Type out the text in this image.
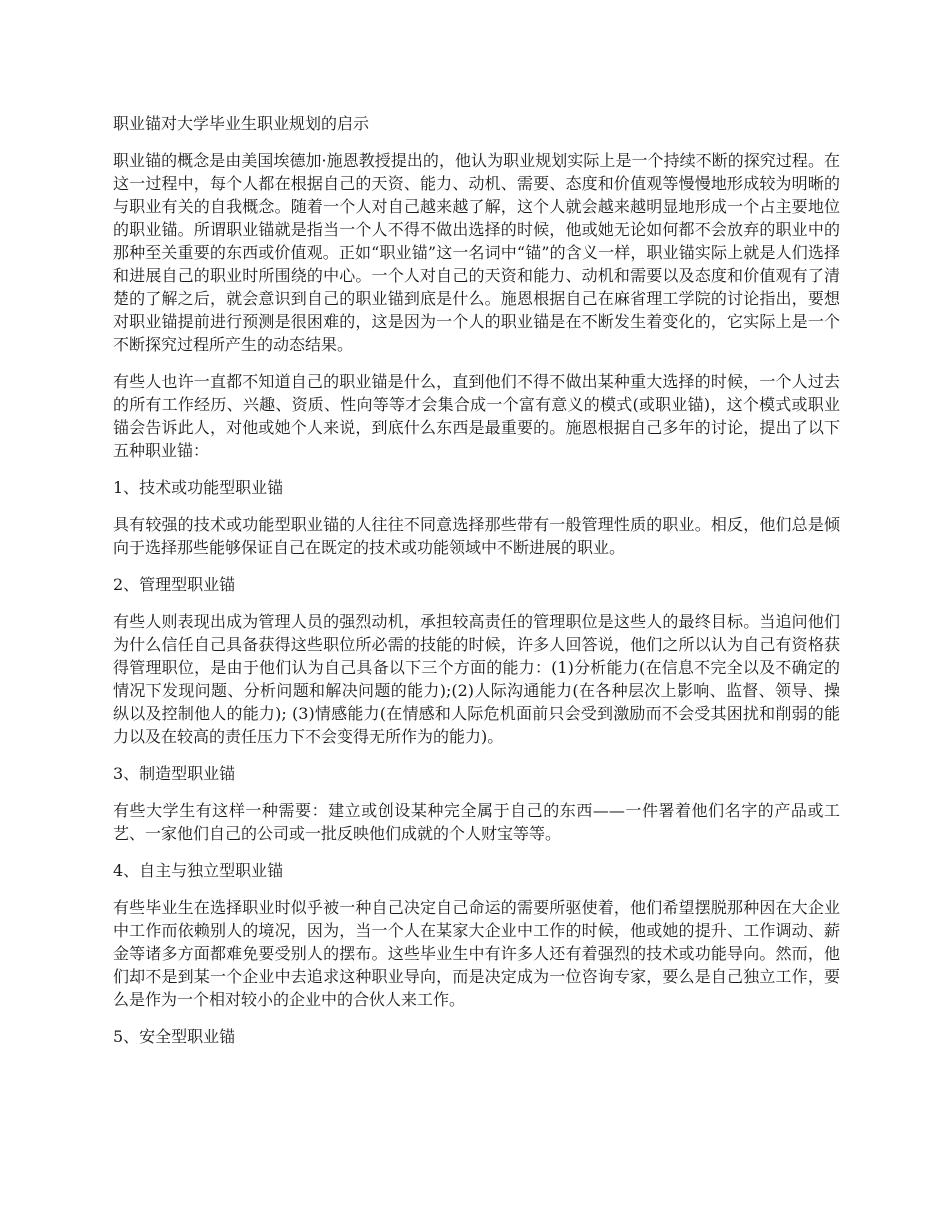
职业锚对大学毕业生职业规划的启示

职业锚的概念是由美国埃德加·施恩教授提出的，他认为职业规划实际上是一个持续不断的探究过程。在这一过程中，每个人都在根据自己的天资、能力、动机、需要、态度和价值观等慢慢地形成较为明晰的与职业有关的自我概念。随着一个人对自己越来越了解，这个人就会越来越明显地形成一个占主要地位的职业锚。所谓职业锚就是指当一个人不得不做出选择的时候，他或她无论如何都不会放弃的职业中的那种至关重要的东西或价值观。正如“职业锚”这一名词中“锚”的含义一样，职业锚实际上就是人们选择和进展自己的职业时所围绕的中心。一个人对自己的天资和能力、动机和需要以及态度和价值观有了清楚的了解之后，就会意识到自己的职业锚到底是什么。施恩根据自己在麻省理工学院的讨论指出，要想对职业锚提前进行预测是很困难的，这是因为一个人的职业锚是在不断发生着变化的，它实际上是一个不断探究过程所产生的动态结果。

有些人也许一直都不知道自己的职业锚是什么，直到他们不得不做出某种重大选择的时候，一个人过去的所有工作经历、兴趣、资质、性向等等才会集合成一个富有意义的模式(或职业锚)，这个模式或职业锚会告诉此人，对他或她个人来说，到底什么东西是最重要的。施恩根据自己多年的讨论，提出了以下五种职业锚：

1、技术或功能型职业锚

具有较强的技术或功能型职业锚的人往往不同意选择那些带有一般管理性质的职业。相反，他们总是倾向于选择那些能够保证自己在既定的技术或功能领域中不断进展的职业。

2、管理型职业锚

有些人则表现出成为管理人员的强烈动机，承担较高责任的管理职位是这些人的最终目标。当追问他们为什么信任自己具备获得这些职位所必需的技能的时候，许多人回答说，他们之所以认为自己有资格获得管理职位，是由于他们认为自己具备以下三个方面的能力：(1)分析能力(在信息不完全以及不确定的情况下发现问题、分析问题和解决问题的能力);(2)人际沟通能力(在各种层次上影响、监督、领导、操纵以及控制他人的能力); (3)情感能力(在情感和人际危机面前只会受到激励而不会受其困扰和削弱的能力以及在较高的责任压力下不会变得无所作为的能力)。

3、制造型职业锚

有些大学生有这样一种需要：建立或创设某种完全属于自己的东西——一件署着他们名字的产品或工艺、一家他们自己的公司或一批反映他们成就的个人财宝等等。

4、自主与独立型职业锚

有些毕业生在选择职业时似乎被一种自己决定自己命运的需要所驱使着，他们希望摆脱那种因在大企业中工作而依赖别人的境况，因为，当一个人在某家大企业中工作的时候，他或她的提升、工作调动、薪金等诸多方面都难免要受别人的摆布。这些毕业生中有许多人还有着强烈的技术或功能导向。然而，他们却不是到某一个企业中去追求这种职业导向，而是决定成为一位咨询专家，要么是自己独立工作，要么是作为一个相对较小的企业中的合伙人来工作。

5、安全型职业锚
